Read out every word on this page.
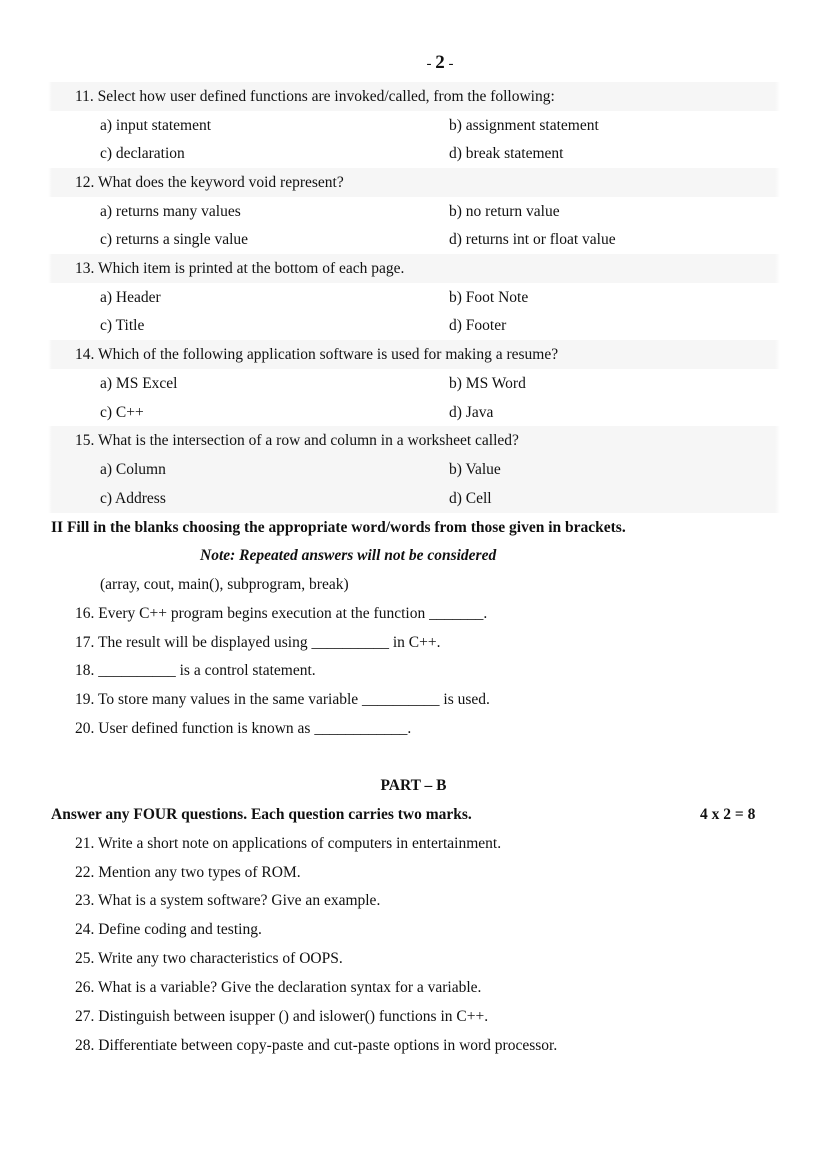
- 2 -
11. Select how user defined functions are invoked/called, from the following:
a) input statement	b) assignment statement
c) declaration	d) break statement
12. What does the keyword void represent?
a) returns many values	b) no return value
c) returns a single value	d) returns int or float value
13. Which item is printed at the bottom of each page.
a) Header	b) Foot Note
c) Title	d) Footer
14. Which of the following application software is used for making a resume?
a) MS Excel	b) MS Word
c) C++	d) Java
15. What is the intersection of a row and column in a worksheet called?
a) Column	b) Value
c) Address	d) Cell
II Fill in the blanks choosing the appropriate word/words from those given in brackets.
Note: Repeated answers will not be considered
(array, cout, main(), subprogram, break)
16. Every C++ program begins execution at the function _______.
17. The result will be displayed using __________ in C++.
18. __________ is a control statement.
19. To store many values in the same variable __________ is used.
20. User defined function is known as ____________.
PART – B
Answer any FOUR questions. Each question carries two marks.	4 x 2 = 8
21. Write a short note on applications of computers in entertainment.
22. Mention any two types of ROM.
23. What is a system software? Give an example.
24. Define coding and testing.
25. Write any two characteristics of OOPS.
26. What is a variable? Give the declaration syntax for a variable.
27. Distinguish between isupper () and islower() functions in C++.
28. Differentiate between copy-paste and cut-paste options in word processor.
